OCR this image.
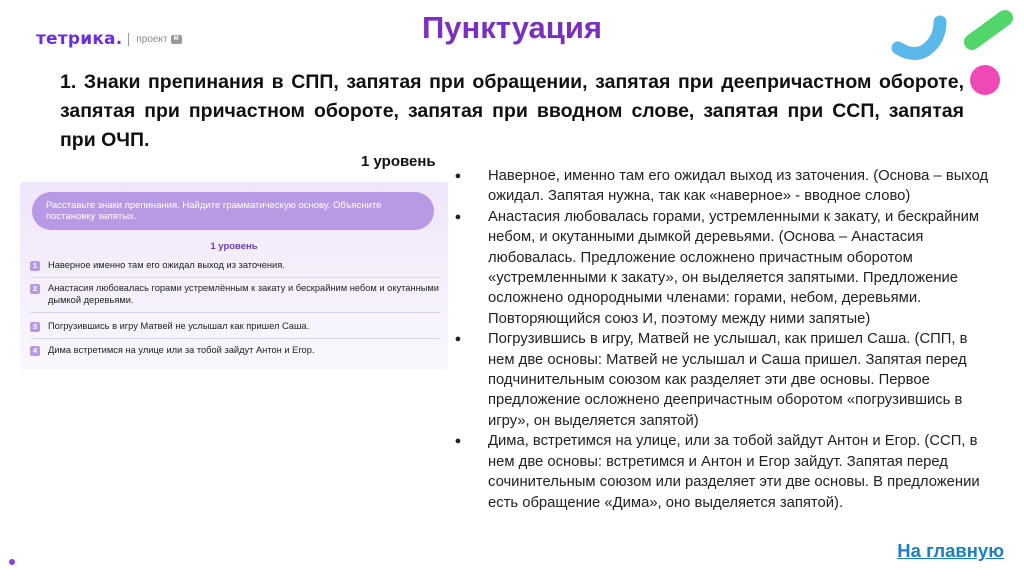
тетрика. проект	М	Пунктуация
1. Знаки препинания в СПП, запятая при обращении, запятая при деепричастном обороте, запятая при причастном обороте, запятая при вводном слове, запятая при ССП, запятая при ОЧП.
1 уровень
Расставьте знаки препинания. Найдите грамматическую основу. Объясните постановку запятых.
1 уровень
1	Наверное именно там его ожидал выход из заточения.
2	Анастасия любовалась горами устремлённым к закату и бескрайним небом и окутанными дымкой деревьями.
3	Погрузившись в игру Матвей не услышал как пришел Саша.
4	Дима встретимся на улице или за тобой зайдут Антон и Егор.
● Наверное, именно там его ожидал выход из заточения. (Основа – выход ожидал. Запятая нужна, так как «наверное» - вводное слово)
● Анастасия любовалась горами, устремленными к закату, и бескрайним небом, и окутанными дымкой деревьями. (Основа – Анастасия любовалась. Предложение осложнено причастным оборотом «устремленными к закату», он выделяется запятыми. Предложение осложнено однородными членами: горами, небом, деревьями. Повторяющийся союз И, поэтому между ними запятые)
● Погрузившись в игру, Матвей не услышал, как пришел Саша. (СПП, в нем две основы: Матвей не услышал и Саша пришел. Запятая перед подчинительным союзом как разделяет эти две основы. Первое предложение осложнено деепричастным оборотом «погрузившись в игру», он выделяется запятой)
● Дима, встретимся на улице, или за тобой зайдут Антон и Егор. (ССП, в нем две основы: встретимся и Антон и Егор зайдут. Запятая перед сочинительным союзом или разделяет эти две основы. В предложении есть обращение «Дима», оно выделяется запятой).
На главную
